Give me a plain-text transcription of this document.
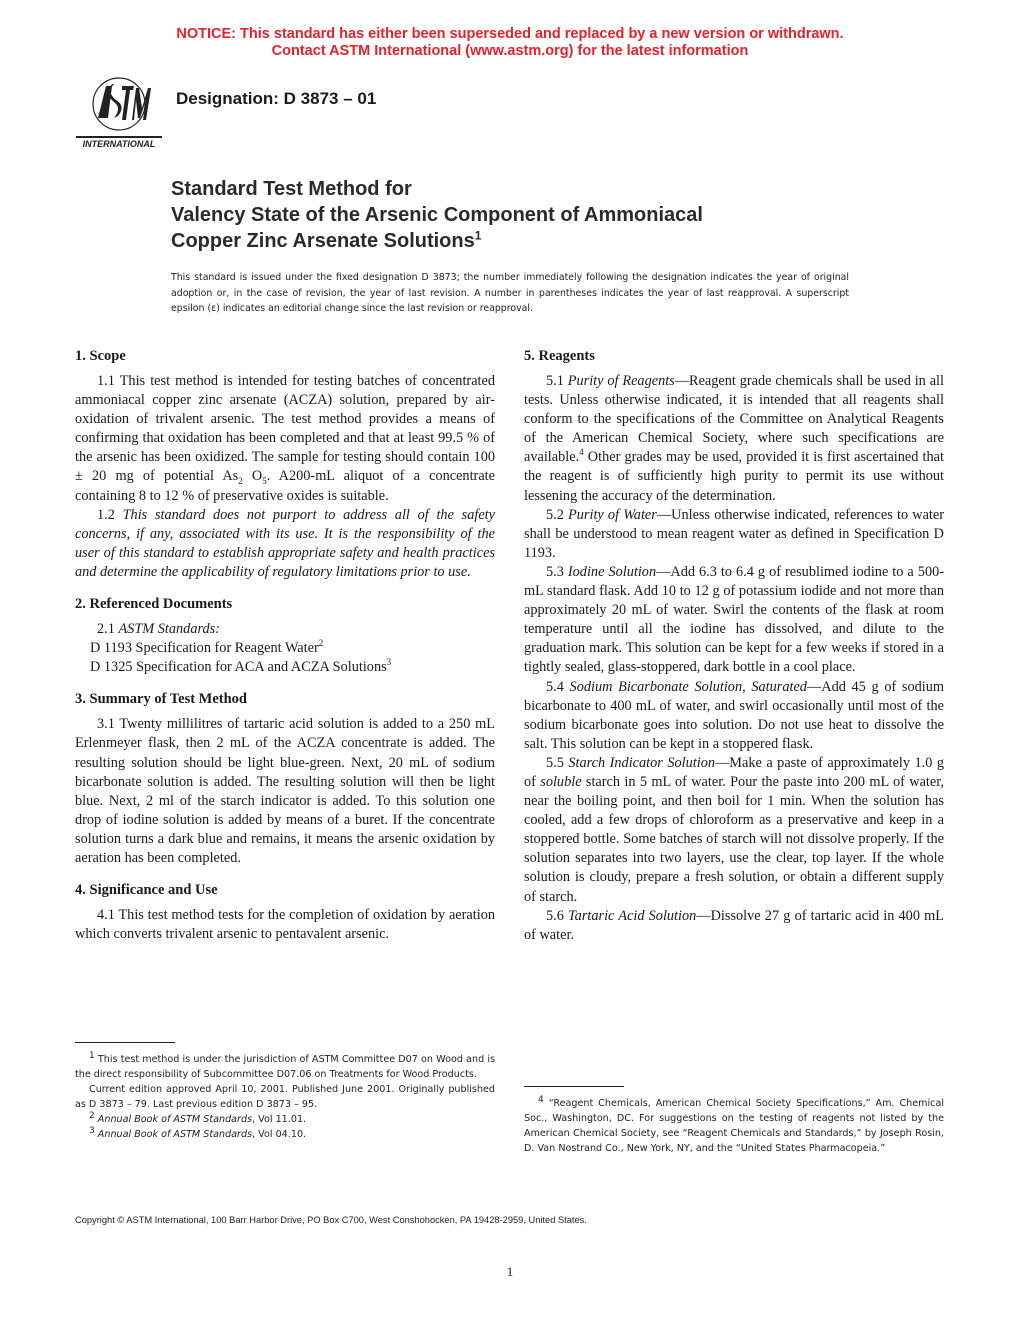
NOTICE: This standard has either been superseded and replaced by a new version or withdrawn.
Contact ASTM International (www.astm.org) for the latest information
INTERNATIONAL
Designation: D 3873 – 01
Standard Test Method for
Valency State of the Arsenic Component of Ammoniacal
Copper Zinc Arsenate Solutions$^1$
This standard is issued under the fixed designation D 3873; the number immediately following the designation indicates the year of original adoption or, in the case of revision, the year of last revision. A number in parentheses indicates the year of last reapproval. A superscript epsilon (ε) indicates an editorial change since the last revision or reapproval.
1. Scope

1.1 This test method is intended for testing batches of concentrated ammoniacal copper zinc arsenate (ACZA) solution, prepared by air-oxidation of trivalent arsenic. The test method provides a means of confirming that oxidation has been completed and that at least 99.5 % of the arsenic has been oxidized. The sample for testing should contain 100 ± 20 mg of potential $As_2$ $O_5$. A200-mL aliquot of a concentrate containing 8 to 12 % of preservative oxides is suitable.

1.2 This standard does not purport to address all of the safety concerns, if any, associated with its use. It is the responsibility of the user of this standard to establish appropriate safety and health practices and determine the applicability of regulatory limitations prior to use.

2. Referenced Documents

2.1 ASTM Standards:

D 1193 Specification for Reagent Water$^2$

D 1325 Specification for ACA and ACZA Solutions$^3$

3. Summary of Test Method

3.1 Twenty millilitres of tartaric acid solution is added to a 250 mL Erlenmeyer flask, then 2 mL of the ACZA concentrate is added. The resulting solution should be light blue-green. Next, 20 mL of sodium bicarbonate solution is added. The resulting solution will then be light blue. Next, 2 ml of the starch indicator is added. To this solution one drop of iodine solution is added by means of a buret. If the concentrate solution turns a dark blue and remains, it means the arsenic oxidation by aeration has been completed.

4. Significance and Use

4.1 This test method tests for the completion of oxidation by aeration which converts trivalent arsenic to pentavalent arsenic.

5. Reagents

5.1 Purity of Reagents—Reagent grade chemicals shall be used in all tests. Unless otherwise indicated, it is intended that all reagents shall conform to the specifications of the Committee on Analytical Reagents of the American Chemical Society, where such specifications are available.$^4$ Other grades may be used, provided it is first ascertained that the reagent is of sufficiently high purity to permit its use without lessening the accuracy of the determination.

5.2 Purity of Water—Unless otherwise indicated, references to water shall be understood to mean reagent water as defined in Specification D 1193.

5.3 Iodine Solution—Add 6.3 to 6.4 g of resublimed iodine to a 500-mL standard flask. Add 10 to 12 g of potassium iodide and not more than approximately 20 mL of water. Swirl the contents of the flask at room temperature until all the iodine has dissolved, and dilute to the graduation mark. This solution can be kept for a few weeks if stored in a tightly sealed, glass-stoppered, dark bottle in a cool place.

5.4 Sodium Bicarbonate Solution, Saturated—Add 45 g of sodium bicarbonate to 400 mL of water, and swirl occasionally until most of the sodium bicarbonate goes into solution. Do not use heat to dissolve the salt. This solution can be kept in a stoppered flask.

5.5 Starch Indicator Solution—Make a paste of approximately 1.0 g of soluble starch in 5 mL of water. Pour the paste into 200 mL of water, near the boiling point, and then boil for 1 min. When the solution has cooled, add a few drops of chloroform as a preservative and keep in a stoppered bottle. Some batches of starch will not dissolve properly. If the solution separates into two layers, use the clear, top layer. If the whole solution is cloudy, prepare a fresh solution, or obtain a different supply of starch.

5.6 Tartaric Acid Solution—Dissolve 27 g of tartaric acid in 400 mL of water.

$^1$ This test method is under the jurisdiction of ASTM Committee D07 on Wood and is the direct responsibility of Subcommittee D07.06 on Treatments for Wood Products.

Current edition approved April 10, 2001. Published June 2001. Originally published as D 3873 – 79. Last previous edition D 3873 – 95.

$^2$ Annual Book of ASTM Standards, Vol 11.01.

$^3$ Annual Book of ASTM Standards, Vol 04.10.

$^4$ “Reagent Chemicals, American Chemical Society Specifications,” Am. Chemical Soc., Washington, DC. For suggestions on the testing of reagents not listed by the American Chemical Society, see “Reagent Chemicals and Standards,” by Joseph Rosin, D. Van Nostrand Co., New York, NY, and the “United States Pharmacopeia.”

Copyright © ASTM International, 100 Barr Harbor Drive, PO Box C700, West Conshohocken, PA 19428-2959, United States.
1
